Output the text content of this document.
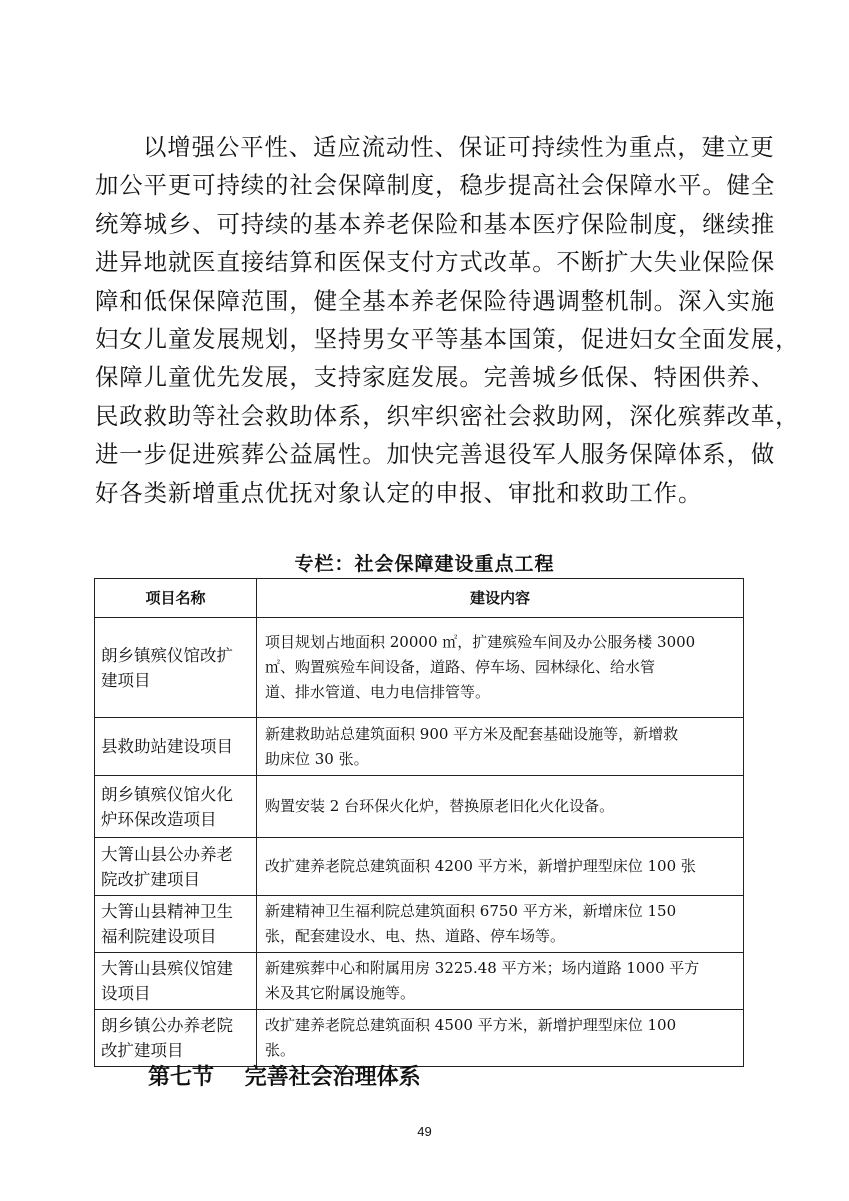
以增强公平性、适应流动性、保证可持续性为重点，建立更
加公平更可持续的社会保障制度，稳步提高社会保障水平。健全
统筹城乡、可持续的基本养老保险和基本医疗保险制度，继续推
进异地就医直接结算和医保支付方式改革。不断扩大失业保险保
障和低保保障范围，健全基本养老保险待遇调整机制。深入实施
妇女儿童发展规划，坚持男女平等基本国策，促进妇女全面发展，
保障儿童优先发展，支持家庭发展。完善城乡低保、特困供养、
民政救助等社会救助体系，织牢织密社会救助网，深化殡葬改革，
进一步促进殡葬公益属性。加快完善退役军人服务保障体系，做
好各类新增重点优抚对象认定的申报、审批和救助工作。
专栏：社会保障建设重点工程
项目名称	建设内容

朗乡镇殡仪馆改扩
建项目	项目规划占地面积 20000 ㎡，扩建殡殓车间及办公服务楼 3000
㎡、购置殡殓车间设备，道路、停车场、园林绿化、给水管
道、排水管道、电力电信排管等。

县救助站建设项目	新建救助站总建筑面积 900 平方米及配套基础设施等，新增救
助床位 30 张。

朗乡镇殡仪馆火化
炉环保改造项目	购置安装 2 台环保火化炉，替换原老旧化火化设备。

大箐山县公办养老
院改扩建项目	改扩建养老院总建筑面积 4200 平方米，新增护理型床位 100 张

大箐山县精神卫生
福利院建设项目	新建精神卫生福利院总建筑面积 6750 平方米，新增床位 150
张，配套建设水、电、热、道路、停车场等。

大箐山县殡仪馆建
设项目	新建殡葬中心和附属用房 3225.48 平方米；场内道路 1000 平方
米及其它附属设施等。

朗乡镇公办养老院
改扩建项目	改扩建养老院总建筑面积 4500 平方米，新增护理型床位 100
张。
第七节    完善社会治理体系
49
